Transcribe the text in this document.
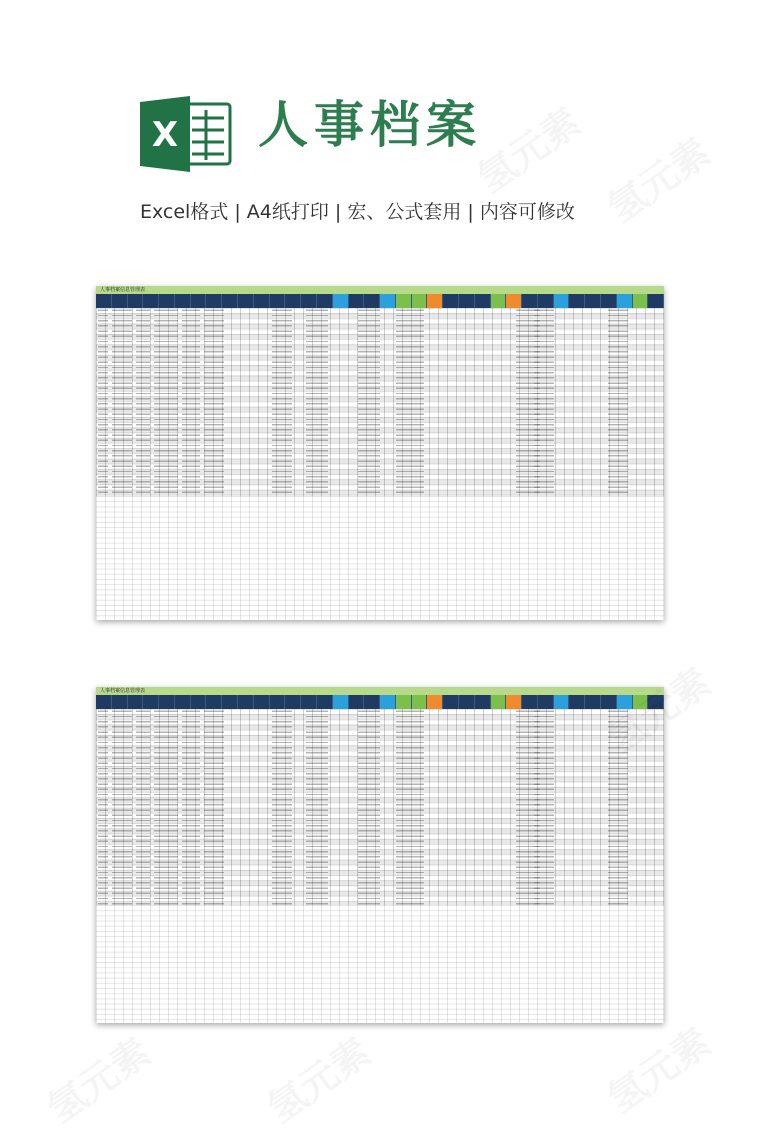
X 人事档案
Excel格式 | A4纸打印 | 宏、公式套用 | 内容可修改
人事档案信息管理表
人事档案信息管理表
